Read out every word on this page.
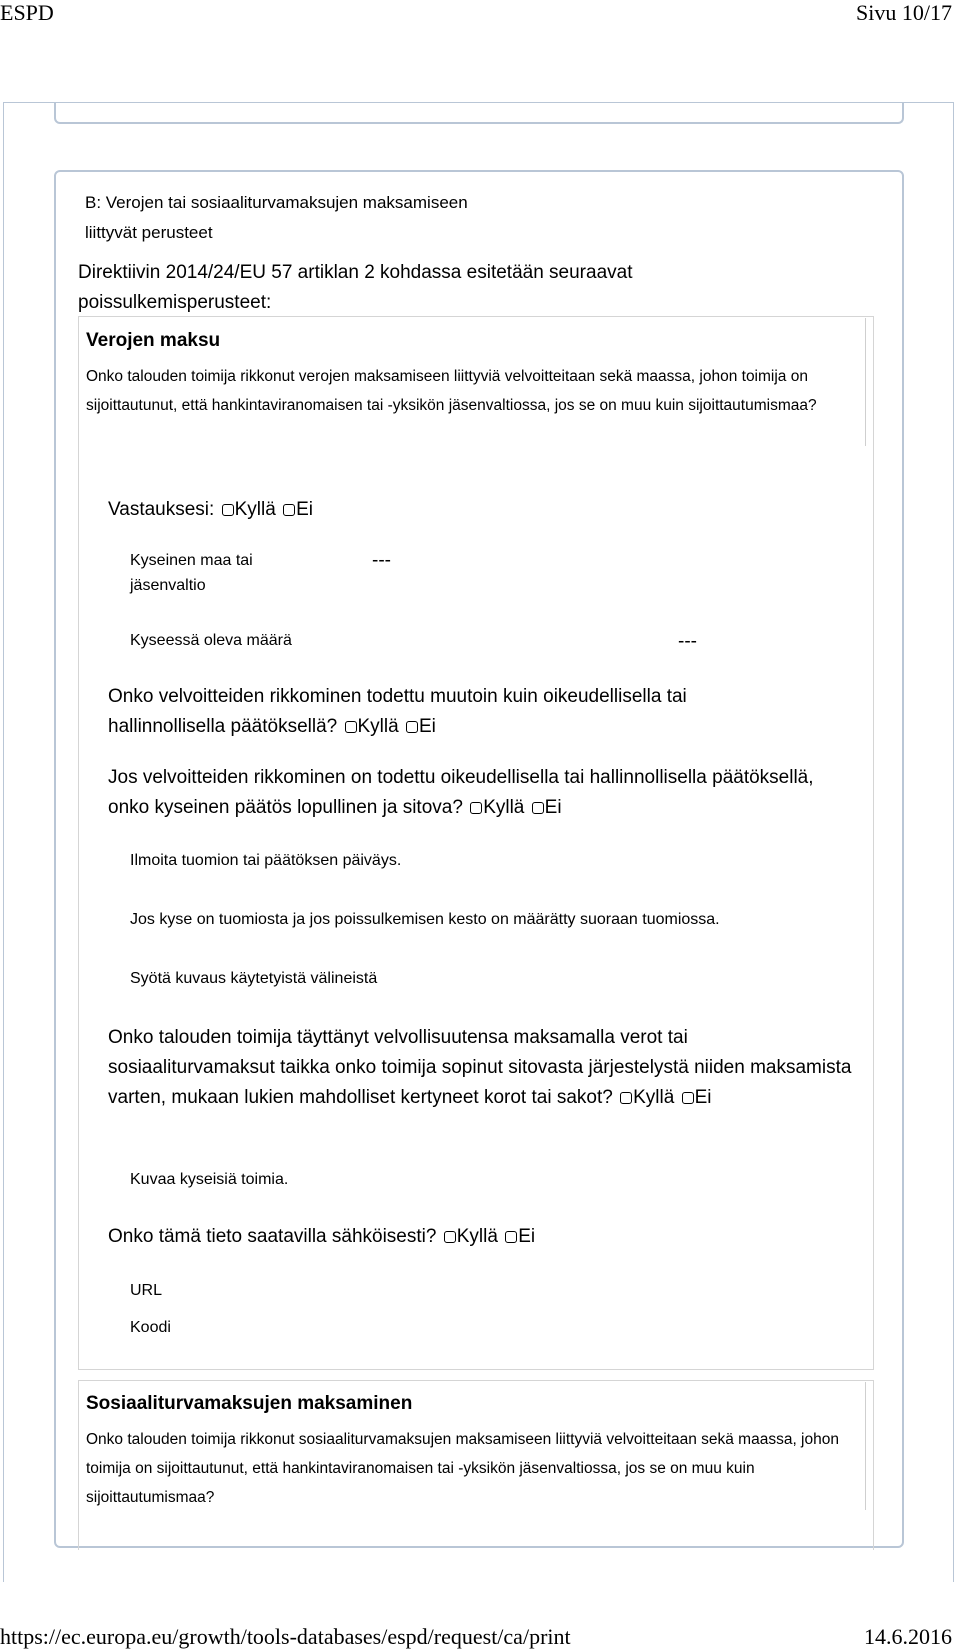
ESPD	Sivu 10/17
https://ec.europa.eu/growth/tools-databases/espd/request/ca/print	14.6.2016
B: Verojen tai sosiaaliturvamaksujen maksamiseen liittyvät perusteet
Direktiivin 2014/24/EU 57 artiklan 2 kohdassa esitetään seuraavat poissulkemisperusteet:
Verojen maksu
Onko talouden toimija rikkonut verojen maksamiseen liittyviä velvoitteitaan sekä maassa, johon toimija on sijoittautunut, että hankintaviranomaisen tai -yksikön jäsenvaltiossa, jos se on muu kuin sijoittautumismaa?
Vastauksesi: Kyllä Ei
Kyseinen maa tai jäsenvaltio
---
Kyseessä oleva määrä	---
Onko velvoitteiden rikkominen todettu muutoin kuin oikeudellisella tai hallinnollisella päätöksellä? Kyllä Ei
Jos velvoitteiden rikkominen on todettu oikeudellisella tai hallinnollisella päätöksellä, onko kyseinen päätös lopullinen ja sitova? Kyllä Ei
Ilmoita tuomion tai päätöksen päiväys.
Jos kyse on tuomiosta ja jos poissulkemisen kesto on määrätty suoraan tuomiossa.
Syötä kuvaus käytetyistä välineistä
Onko talouden toimija täyttänyt velvollisuutensa maksamalla verot tai sosiaaliturvamaksut taikka onko toimija sopinut sitovasta järjestelystä niiden maksamista varten, mukaan lukien mahdolliset kertyneet korot tai sakot? Kyllä Ei
Kuvaa kyseisiä toimia.
Onko tämä tieto saatavilla sähköisesti? Kyllä Ei
URL
Koodi
Sosiaaliturvamaksujen maksaminen
Onko talouden toimija rikkonut sosiaaliturvamaksujen maksamiseen liittyviä velvoitteitaan sekä maassa, johon toimija on sijoittautunut, että hankintaviranomaisen tai -yksikön jäsenvaltiossa, jos se on muu kuin sijoittautumismaa?
